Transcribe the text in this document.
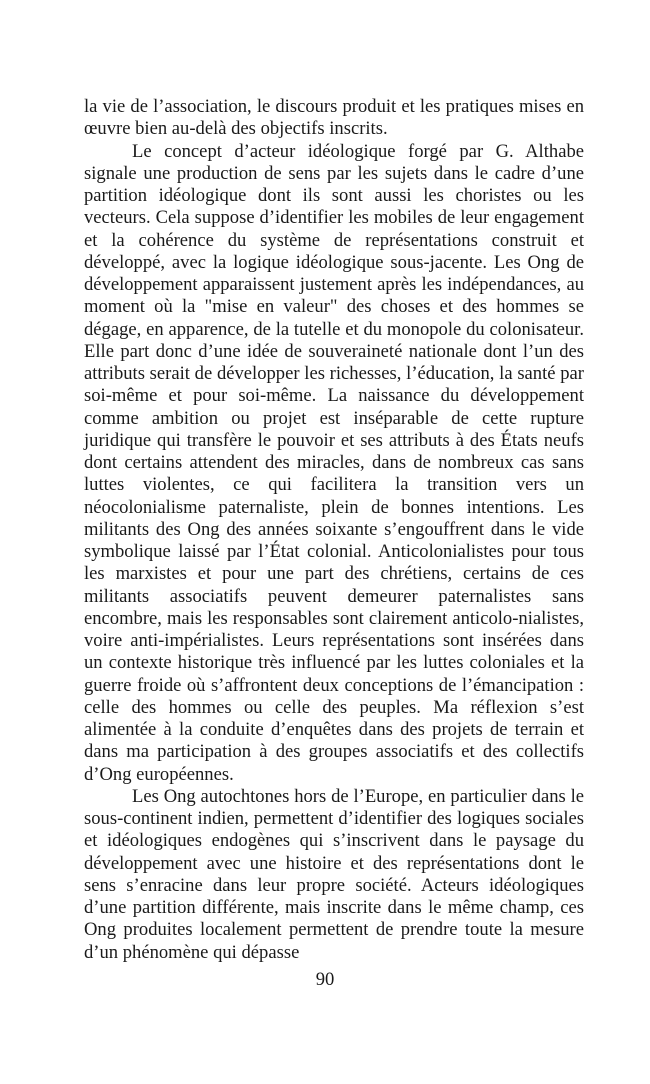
la vie de l’association, le discours produit et les pratiques mises en œuvre bien au-delà des objectifs inscrits.

Le concept d’acteur idéologique forgé par G. Althabe signale une production de sens par les sujets dans le cadre d’une partition idéologique dont ils sont aussi les choristes ou les vecteurs. Cela suppose d’identifier les mobiles de leur engagement et la cohérence du système de représentations construit et développé, avec la logique idéologique sous-jacente. Les Ong de développement apparaissent justement après les indépendances, au moment où la "mise en valeur" des choses et des hommes se dégage, en apparence, de la tutelle et du monopole du colonisateur. Elle part donc d’une idée de souveraineté nationale dont l’un des attributs serait de développer les richesses, l’éducation, la santé par soi-même et pour soi-même. La naissance du développement comme ambition ou projet est inséparable de cette rupture juridique qui transfère le pouvoir et ses attributs à des États neufs dont certains attendent des miracles, dans de nombreux cas sans luttes violentes, ce qui facilitera la transition vers un néocolonialisme paternaliste, plein de bonnes intentions. Les militants des Ong des années soixante s’engouffrent dans le vide symbolique laissé par l’État colonial. Anticolonialistes pour tous les marxistes et pour une part des chrétiens, certains de ces militants associatifs peuvent demeurer paternalistes sans encombre, mais les responsables sont clairement anticolo-nialistes, voire anti-impérialistes. Leurs représentations sont insérées dans un contexte historique très influencé par les luttes coloniales et la guerre froide où s’affrontent deux conceptions de l’émancipation : celle des hommes ou celle des peuples. Ma réflexion s’est alimentée à la conduite d’enquêtes dans des projets de terrain et dans ma participation à des groupes associatifs et des collectifs d’Ong européennes.

Les Ong autochtones hors de l’Europe, en particulier dans le sous-continent indien, permettent d’identifier des logiques sociales et idéologiques endogènes qui s’inscrivent dans le paysage du développement avec une histoire et des représentations dont le sens s’enracine dans leur propre société. Acteurs idéologiques d’une partition différente, mais inscrite dans le même champ, ces Ong produites localement permettent de prendre toute la mesure d’un phénomène qui dépasse

90
